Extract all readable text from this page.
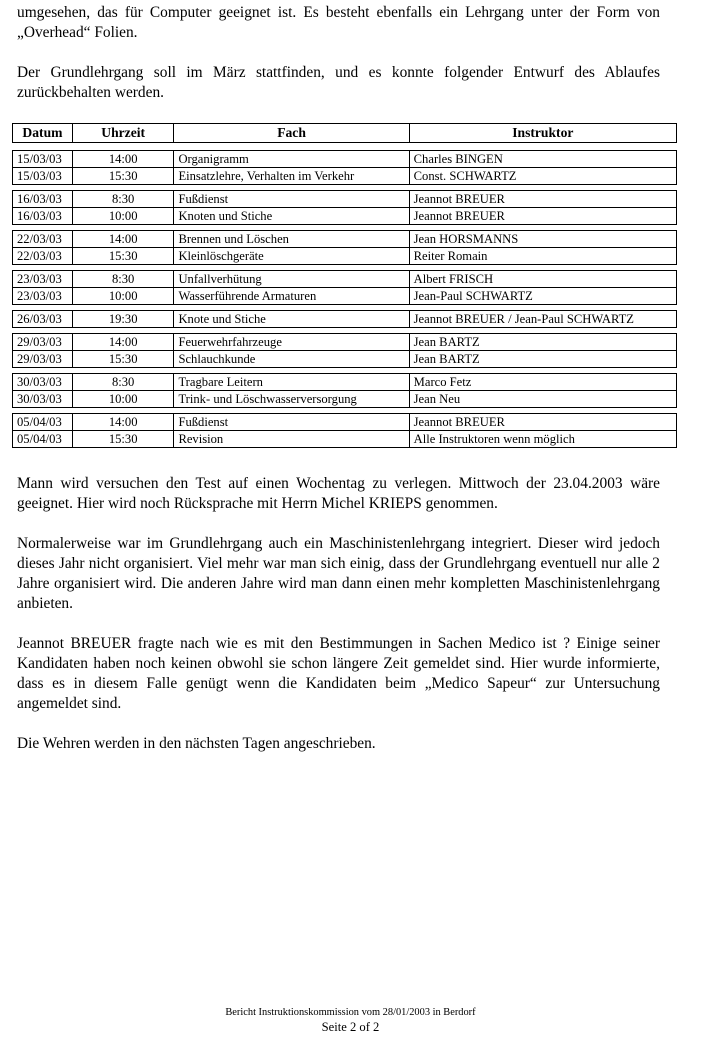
umgesehen, das für Computer geeignet ist. Es besteht ebenfalls ein Lehrgang unter der Form von „Overhead“ Folien.

Der Grundlehrgang soll im März stattfinden, und es konnte folgender Entwurf des Ablaufes zurückbehalten werden.

Datum	Uhrzeit	Fach	Instruktor

15/03/03	14:00	Organigramm	Charles BINGEN
15/03/03	15:30	Einsatzlehre, Verhalten im Verkehr	Const. SCHWARTZ

16/03/03	8:30	Fußdienst	Jeannot BREUER
16/03/03	10:00	Knoten und Stiche	Jeannot BREUER

22/03/03	14:00	Brennen und Löschen	Jean HORSMANNS
22/03/03	15:30	Kleinlöschgeräte	Reiter Romain

23/03/03	8:30	Unfallverhütung	Albert FRISCH
23/03/03	10:00	Wasserführende Armaturen	Jean-Paul SCHWARTZ

26/03/03	19:30	Knote und Stiche	Jeannot BREUER / Jean-Paul SCHWARTZ

29/03/03	14:00	Feuerwehrfahrzeuge	Jean BARTZ
29/03/03	15:30	Schlauchkunde	Jean BARTZ

30/03/03	8:30	Tragbare Leitern	Marco Fetz
30/03/03	10:00	Trink- und Löschwasserversorgung	Jean Neu

05/04/03	14:00	Fußdienst	Jeannot BREUER
05/04/03	15:30	Revision	Alle Instruktoren wenn möglich

Mann wird versuchen den Test auf einen Wochentag zu verlegen. Mittwoch der 23.04.2003 wäre geeignet. Hier wird noch Rücksprache mit Herrn Michel KRIEPS genommen.

Normalerweise war im Grundlehrgang auch ein Maschinistenlehrgang integriert. Dieser wird jedoch dieses Jahr nicht organisiert. Viel mehr war man sich einig, dass der Grundlehrgang eventuell nur alle 2 Jahre organisiert wird. Die anderen Jahre wird man dann einen mehr kompletten Maschinistenlehrgang anbieten.

Jeannot BREUER fragte nach wie es mit den Bestimmungen in Sachen Medico ist ? Einige seiner Kandidaten haben noch keinen obwohl sie schon längere Zeit gemeldet sind. Hier wurde informierte, dass es in diesem Falle genügt wenn die Kandidaten beim „Medico Sapeur“ zur Untersuchung angemeldet sind.

Die Wehren werden in den nächsten Tagen angeschrieben.

Bericht Instruktionskommission vom 28/01/2003 in Berdorf
Seite 2 of 2
